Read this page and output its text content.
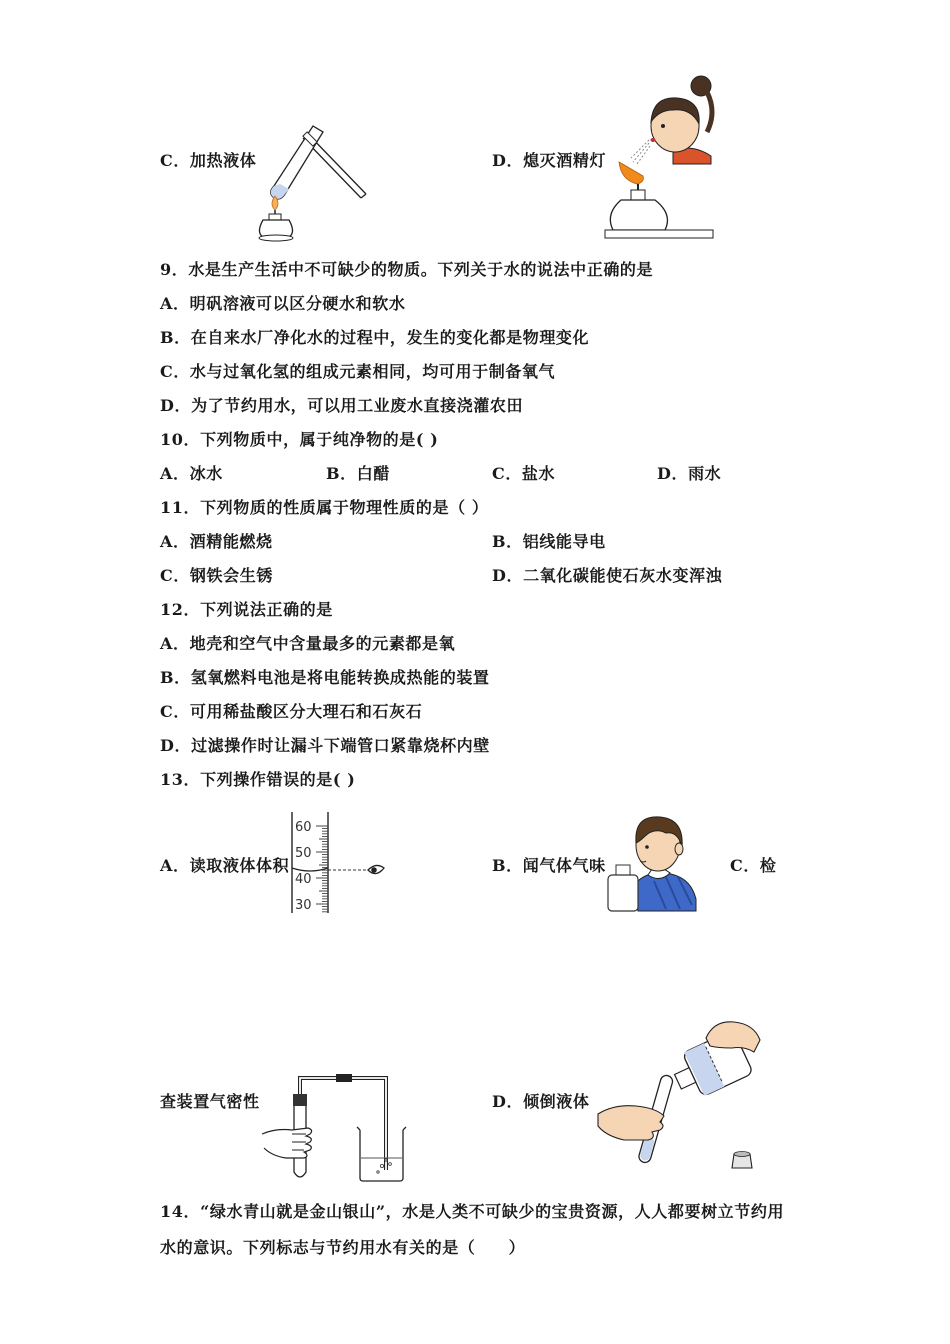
C．加热液体	D．熄灭酒精灯
9．水是生产生活中不可缺少的物质。下列关于水的说法中正确的是
A．明矾溶液可以区分硬水和软水
B．在自来水厂净化水的过程中，发生的变化都是物理变化
C．水与过氧化氢的组成元素相同，均可用于制备氧气
D．为了节约用水，可以用工业废水直接浇灌农田
10．下列物质中，属于纯净物的是( )
A．冰水	B．白醋	C．盐水	D．雨水
11．下列物质的性质属于物理性质的是（ ）
A．酒精能燃烧	B．铝线能导电
C．钢铁会生锈	D．二氧化碳能使石灰水变浑浊
12．下列说法正确的是
A．地壳和空气中含量最多的元素都是氧
B．氢氧燃料电池是将电能转换成热能的装置
C．可用稀盐酸区分大理石和石灰石
D．过滤操作时让漏斗下端管口紧靠烧杯内壁
13．下列操作错误的是( )
A．读取液体体积
60
50
40
30
B．闻气体气味	C．检
查装置气密性	D．倾倒液体
14．“绿水青山就是金山银山”，水是人类不可缺少的宝贵资源，人人都要树立节约用
水的意识。下列标志与节约用水有关的是（　　）
